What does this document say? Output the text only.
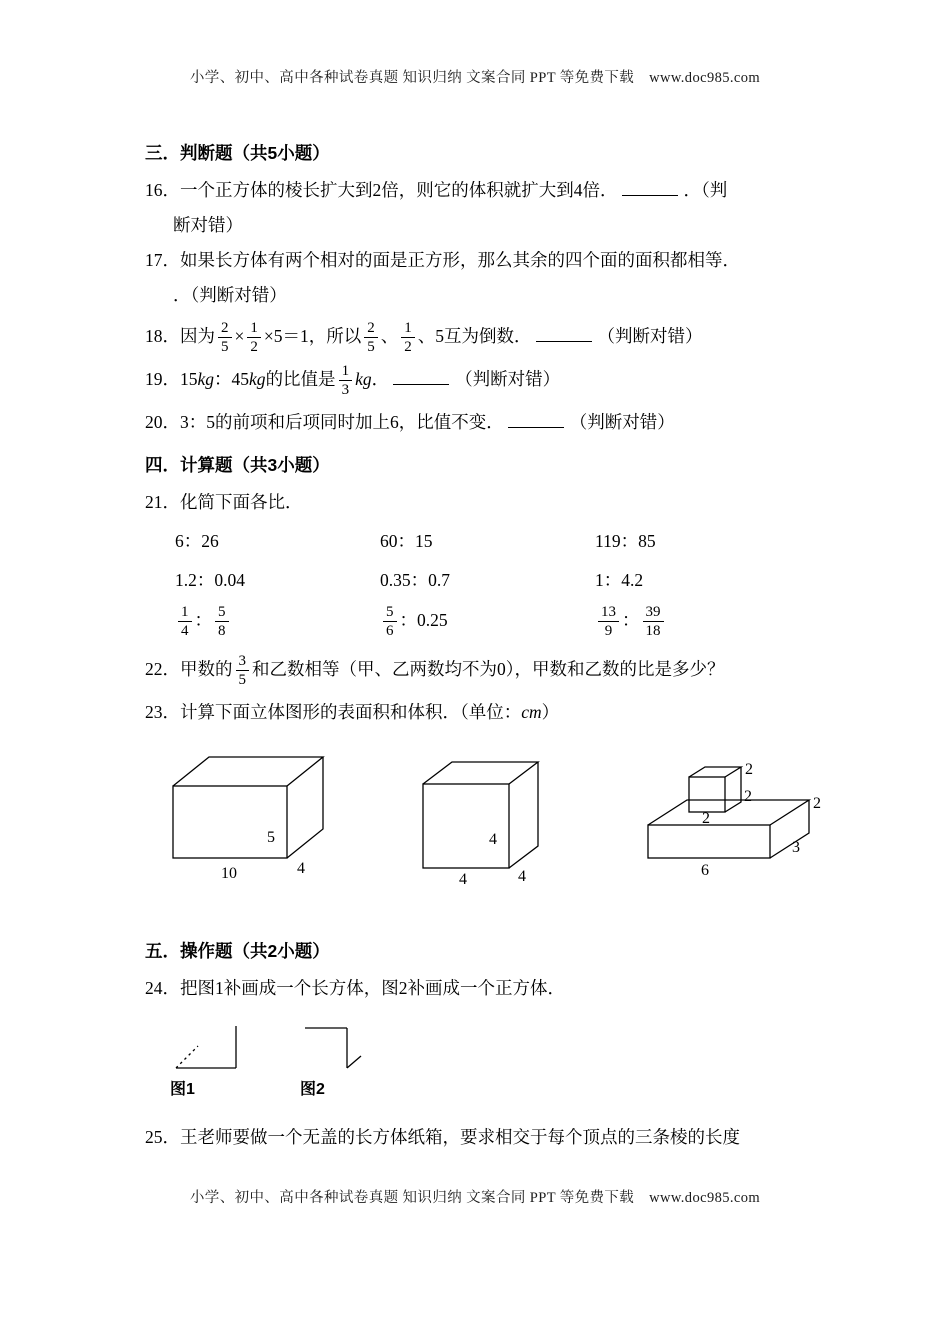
小学、初中、高中各种试卷真题 知识归纳 文案合同 PPT 等免费下载　www.doc985.com
三．判断题（共5小题）
16．一个正方体的棱长扩大到2倍，则它的体积就扩大到4倍．	．（判
断对错）
17．如果长方体有两个相对的面是正方形，那么其余的四个面的面积都相等．
．（判断对错）
18．因为 $\frac{2}{5} \times \frac{1}{2} \times 5=1$，所以 $\frac{2}{5}$ 、 $\frac{1}{2}$ 、5互为倒数．	（判断对错）
19．15kg：45kg的比值是 $\frac{1}{3}$ kg．	（判断对错）
20．3：5的前项和后项同时加上6，比值不变．	（判断对错）
四．计算题（共3小题）
21．化简下面各比．
6：26	60：15	119：85
1.2：0.04	0.35：0.7	1：4.2
$\frac{1}{4}$ ： $\frac{5}{8}$	$\frac{5}{6}$ ：0.25	$\frac{13}{9}$ ： $\frac{39}{18}$
22．甲数的 $\frac{3}{5}$ 和乙数相等（甲、乙两数均不为0），甲数和乙数的比是多少？
23．计算下面立体图形的表面积和体积．（单位：cm）
5
10	4
4
4	4
2
2
2
2
3
6
五．操作题（共2小题）
24．把图1补画成一个长方体，图2补画成一个正方体．
图1	图2
25．王老师要做一个无盖的长方体纸箱，要求相交于每个顶点的三条棱的长度
小学、初中、高中各种试卷真题 知识归纳 文案合同 PPT 等免费下载　www.doc985.com
